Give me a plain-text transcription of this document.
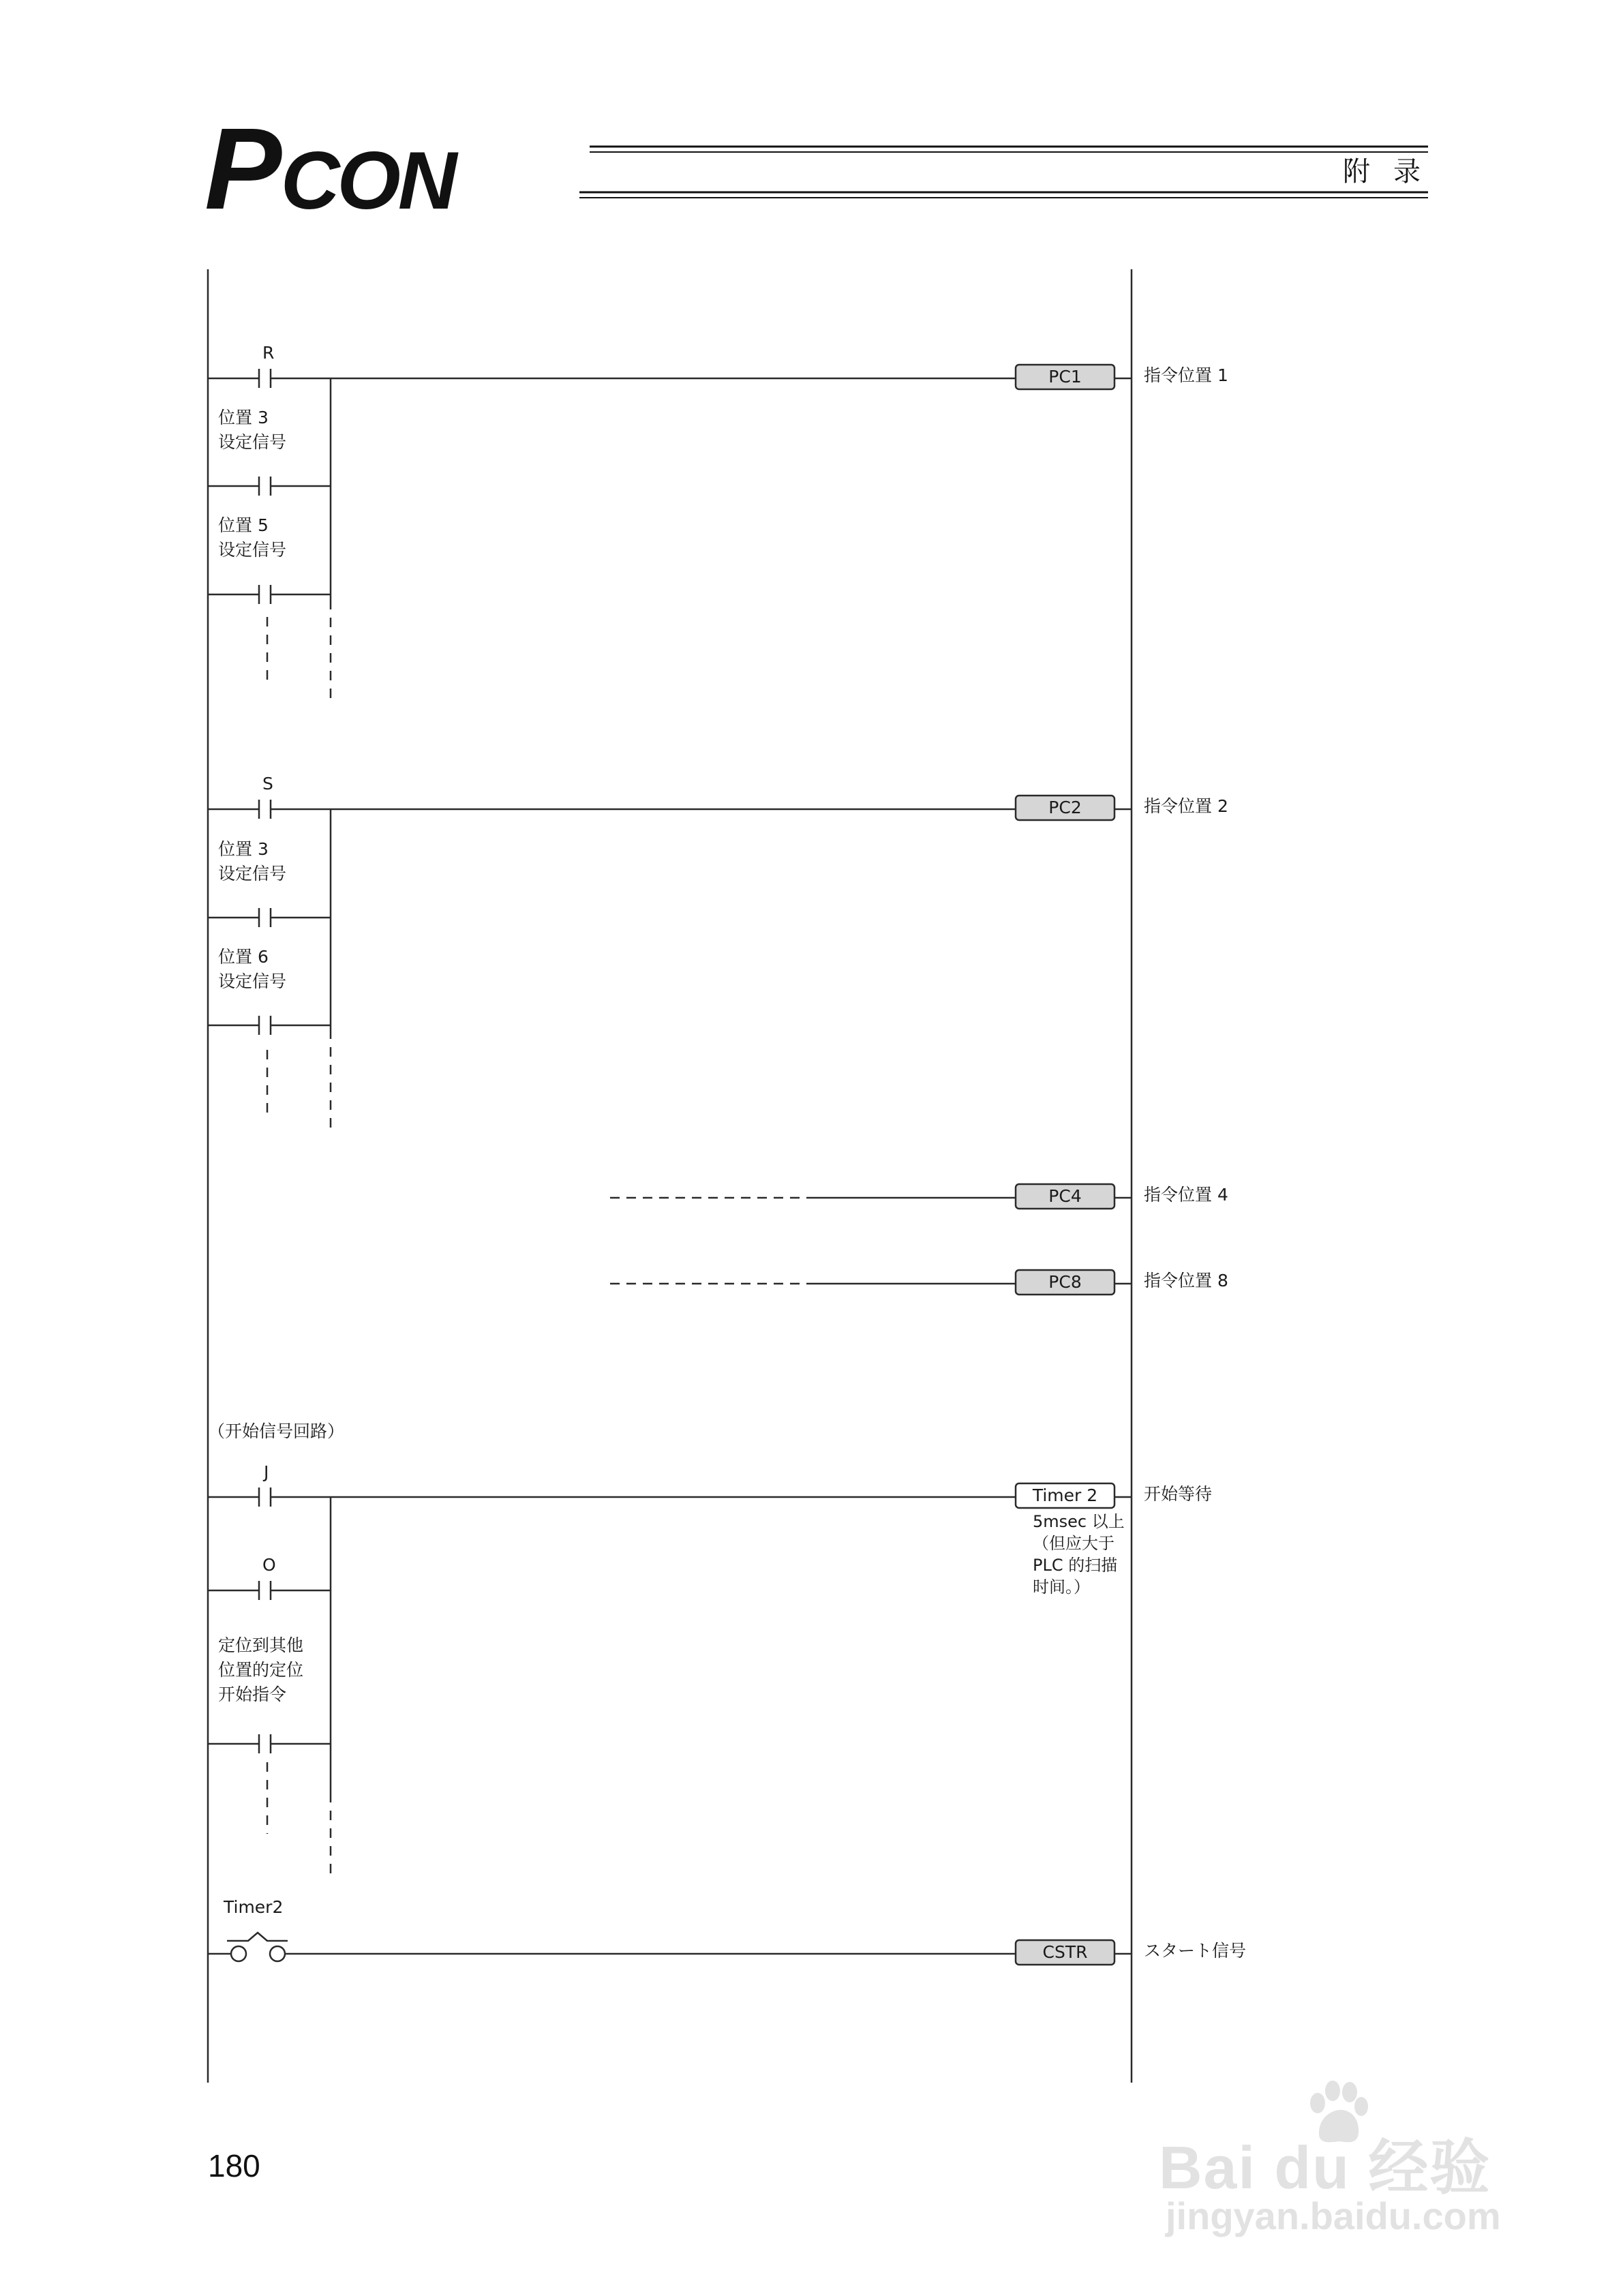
P CON	附录
R
位置 3
设定信号
位置 5
设定信号
PC1	指令位置 1
S
位置 3
设定信号
位置 6
设定信号
PC2	指令位置 2
PC4	指令位置 4
PC8	指令位置 8
（开始信号回路）
J
O
定位到其他
位置的定位
开始指令
Timer 2
5msec 以上
（但应大于
PLC 的扫描
时间。）
开始等待
Timer2
CSTR	スタート信号
180	Bai du 经验
jingyan.baidu.com
